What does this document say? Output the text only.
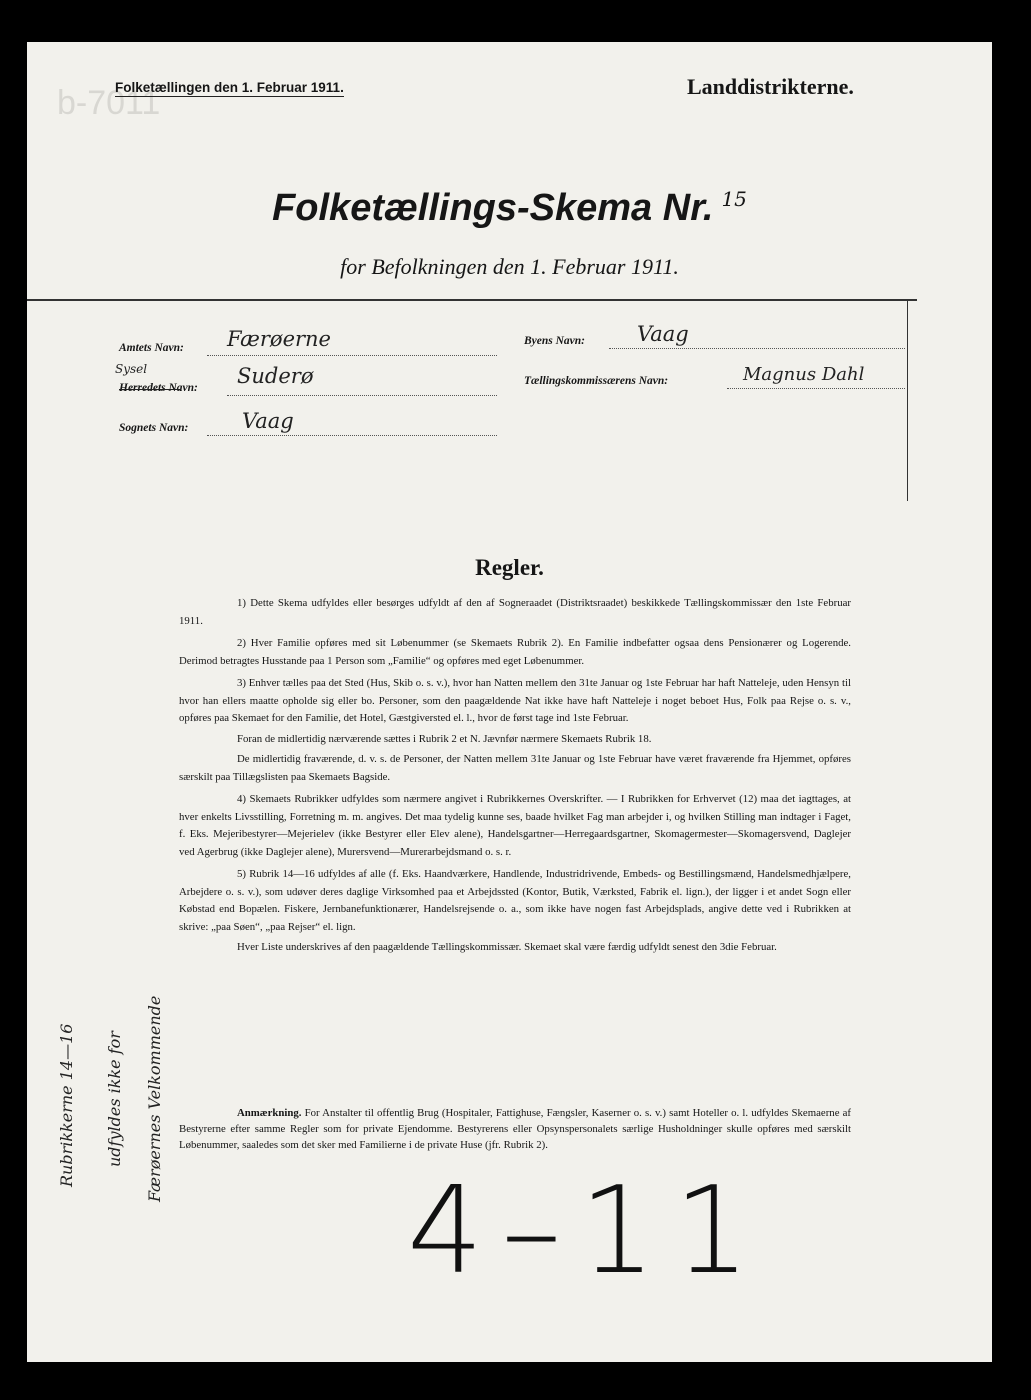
b-7011
Folketællingen den 1. Februar 1911.	Landdistrikterne.
Folketællings-Skema Nr. 15
for Befolkningen den 1. Februar 1911.
Amtets Navn: Færøerne	Byens Navn: Vaag
Sysel
Herredets Navn: Suderø	Tællingskommissærens Navn:	Magnus Dahl
Sognets Navn:	Vaag
Regler.

1) Dette Skema udfyldes eller besørges udfyldt af den af Sogneraadet (Distriktsraadet) beskikkede Tællingskommissær den 1ste Februar 1911.

2) Hver Familie opføres med sit Løbenummer (se Skemaets Rubrik 2). En Familie indbefatter ogsaa dens Pensionærer og Logerende. Derimod betragtes Husstande paa 1 Person som „Familie“ og opføres med eget Løbenummer.

3) Enhver tælles paa det Sted (Hus, Skib o. s. v.), hvor han Natten mellem den 31te Januar og 1ste Februar har haft Natteleje, uden Hensyn til hvor han ellers maatte opholde sig eller bo. Personer, som den paagældende Nat ikke have haft Natteleje i noget beboet Hus, Folk paa Rejse o. s. v., opføres paa Skemaet for den Familie, det Hotel, Gæstgiversted el. l., hvor de først tage ind 1ste Februar.

Foran de midlertidig nærværende sættes i Rubrik 2 et N. Jævnfør nærmere Skemaets Rubrik 18.

De midlertidig fraværende, d. v. s. de Personer, der Natten mellem 31te Januar og 1ste Februar have været fraværende fra Hjemmet, opføres særskilt paa Tillægslisten paa Skemaets Bagside.

4) Skemaets Rubrikker udfyldes som nærmere angivet i Rubrikkernes Overskrifter. — I Rubrikken for Erhvervet (12) maa det iagttages, at hver enkelts Livsstilling, Forretning m. m. angives. Det maa tydelig kunne ses, baade hvilket Fag man arbejder i, og hvilken Stilling man indtager i Faget, f. Eks. Mejeribestyrer—Mejerielev (ikke Bestyrer eller Elev alene), Handelsgartner—Herregaardsgartner, Skomagermester—Skomagersvend, Daglejer ved Agerbrug (ikke Daglejer alene), Murersvend—Murerarbejdsmand o. s. r.

5) Rubrik 14—16 udfyldes af alle (f. Eks. Haandværkere, Handlende, Industridrivende, Embeds- og Bestillingsmænd, Handelsmedhjælpere, Arbejdere o. s. v.), som udøver deres daglige Virksomhed paa et Arbejdssted (Kontor, Butik, Værksted, Fabrik el. lign.), der ligger i et andet Sogn eller Købstad end Bopælen. Fiskere, Jernbanefunktionærer, Handelsrejsende o. a., som ikke have nogen fast Arbejdsplads, angive dette ved i Rubrikken at skrive: „paa Søen“, „paa Rejser“ el. lign.

Hver Liste underskrives af den paagældende Tællingskommissær. Skemaet skal være færdig udfyldt senest den 3die Februar.

Anmærkning. For Anstalter til offentlig Brug (Hospitaler, Fattighuse, Fængsler, Kaserner o. s. v.) samt Hoteller o. l. udfyldes Skemaerne af Bestyrerne efter samme Regler som for private Ejendomme. Bestyrerens eller Opsynspersonalets særlige Husholdninger skulle opføres med særskilt Løbenummer, saaledes som det sker med Familierne i de private Huse (jfr. Rubrik 2).
Rubrikkerne 14—16 udfyldes ikke for Færøernes Velkommende
4–11
